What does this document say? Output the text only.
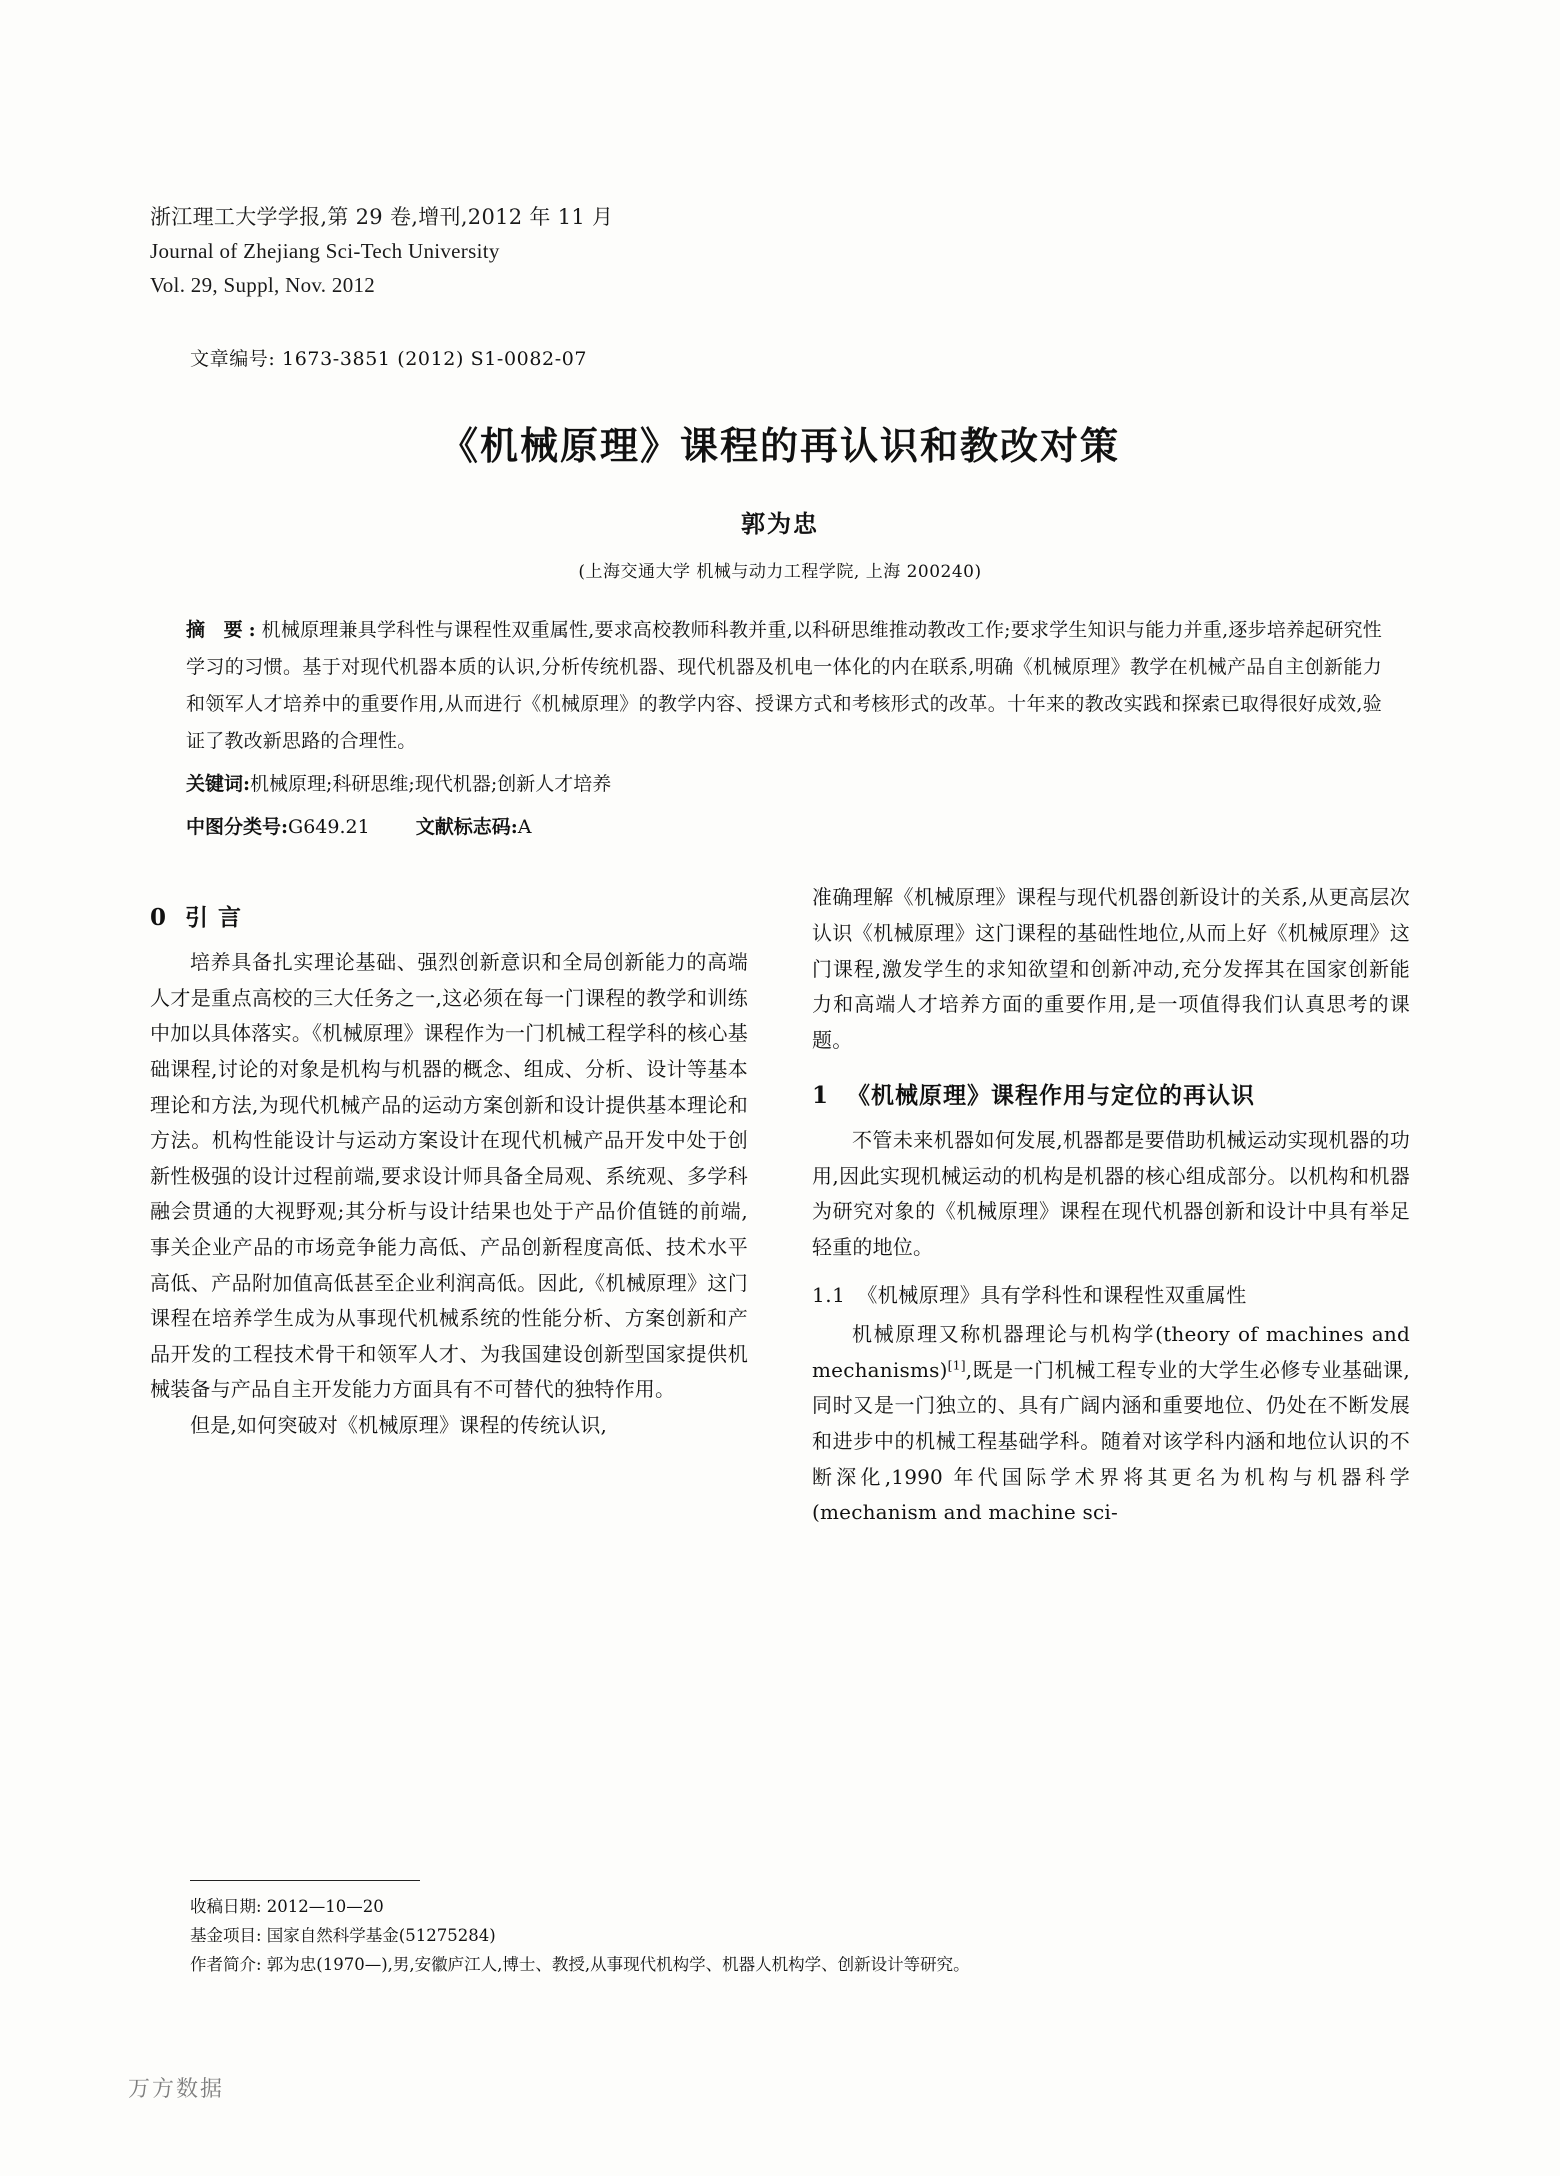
浙江理工大学学报,第 29 卷,增刊,2012 年 11 月
Journal of Zhejiang Sci-Tech University
Vol. 29, Suppl, Nov. 2012
文章编号: 1673-3851 (2012) S1-0082-07
《机械原理》课程的再认识和教改对策
郭为忠
(上海交通大学 机械与动力工程学院, 上海 200240)
摘 要:机械原理兼具学科性与课程性双重属性,要求高校教师科教并重,以科研思维推动教改工作;要求学生知识与能力并重,逐步培养起研究性学习的习惯。基于对现代机器本质的认识,分析传统机器、现代机器及机电一体化的内在联系,明确《机械原理》教学在机械产品自主创新能力和领军人才培养中的重要作用,从而进行《机械原理》的教学内容、授课方式和考核形式的改革。十年来的教改实践和探索已取得很好成效,验证了教改新思路的合理性。
关键词:机械原理;科研思维;现代机器;创新人才培养
中图分类号:G649.21 文献标志码:A
0 引 言

培养具备扎实理论基础、强烈创新意识和全局创新能力的高端人才是重点高校的三大任务之一,这必须在每一门课程的教学和训练中加以具体落实。《机械原理》课程作为一门机械工程学科的核心基础课程,讨论的对象是机构与机器的概念、组成、分析、设计等基本理论和方法,为现代机械产品的运动方案创新和设计提供基本理论和方法。机构性能设计与运动方案设计在现代机械产品开发中处于创新性极强的设计过程前端,要求设计师具备全局观、系统观、多学科融会贯通的大视野观;其分析与设计结果也处于产品价值链的前端,事关企业产品的市场竞争能力高低、产品创新程度高低、技术水平高低、产品附加值高低甚至企业利润高低。因此,《机械原理》这门课程在培养学生成为从事现代机械系统的性能分析、方案创新和产品开发的工程技术骨干和领军人才、为我国建设创新型国家提供机械装备与产品自主开发能力方面具有不可替代的独特作用。

但是,如何突破对《机械原理》课程的传统认识,

准确理解《机械原理》课程与现代机器创新设计的关系,从更高层次认识《机械原理》这门课程的基础性地位,从而上好《机械原理》这门课程,激发学生的求知欲望和创新冲动,充分发挥其在国家创新能力和高端人才培养方面的重要作用,是一项值得我们认真思考的课题。

1 《机械原理》课程作用与定位的再认识

不管未来机器如何发展,机器都是要借助机械运动实现机器的功用,因此实现机械运动的机构是机器的核心组成部分。以机构和机器为研究对象的《机械原理》课程在现代机器创新和设计中具有举足轻重的地位。

1.1 《机械原理》具有学科性和课程性双重属性

机械原理又称机器理论与机构学(theory of machines and mechanisms)[1],既是一门机械工程专业的大学生必修专业基础课,同时又是一门独立的、具有广阔内涵和重要地位、仍处在不断发展和进步中的机械工程基础学科。随着对该学科内涵和地位认识的不断深化,1990 年代国际学术界将其更名为机构与机器科学(mechanism and machine sci-

收稿日期: 2012—10—20
基金项目: 国家自然科学基金(51275284)
作者简介: 郭为忠(1970—),男,安徽庐江人,博士、教授,从事现代机构学、机器人机构学、创新设计等研究。
万方数据
